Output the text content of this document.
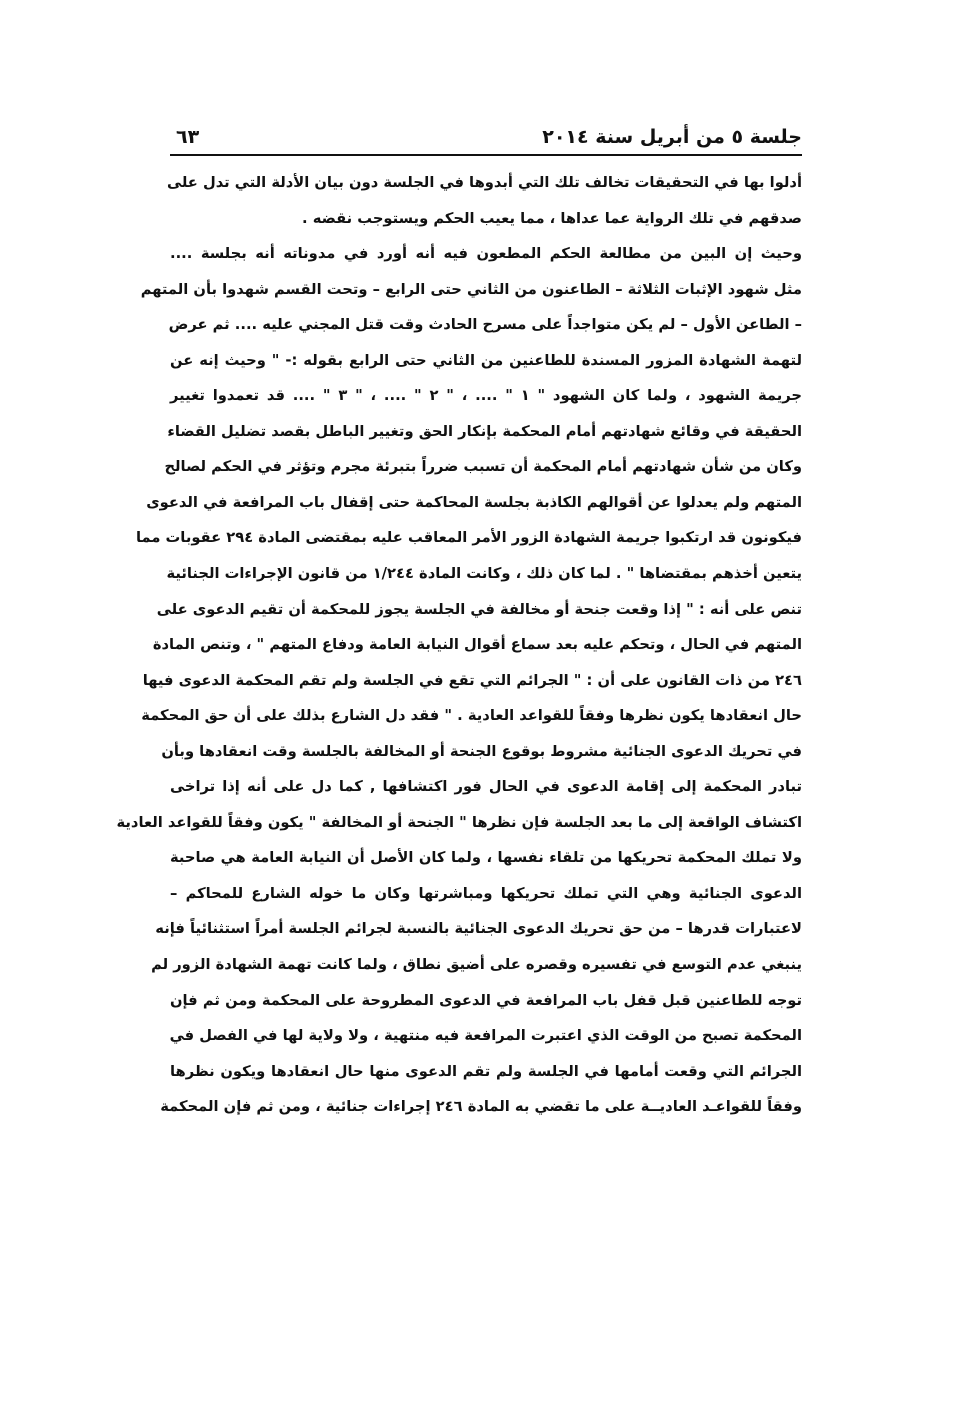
جلسة ٥ من أبريل سنة ٢٠١٤
٦٣
أدلوا بها في التحقيقات تخالف تلك التي أبدوها في الجلسة دون بيان الأدلة التي تدل على
صدقهم في تلك الرواية عما عداها ، مما يعيب الحكم ويستوجب نقضه .
وحيث إن البين من مطالعة الحكم المطعون فيه أنه أورد في مدوناته أنه بجلسة ....
مثل شهود الإثبات الثلاثة – الطاعنون من الثاني حتى الرابع – وتحت القسم شهدوا بأن المتهم
– الطاعن الأول – لم يكن متواجداً على مسرح الحادث وقت قتل المجني عليه .... ثم عرض
لتهمة الشهادة المزور المسندة للطاعنين من الثاني حتى الرابع بقوله :- " وحيث إنه عن
جريمة الشهود ، ولما كان الشهود " ١ " .... ، " ٢ " .... ، " ٣ " .... قد تعمدوا تغيير
الحقيقة في وقائع شهادتهم أمام المحكمة بإنكار الحق وتغيير الباطل بقصد تضليل القضاء
وكان من شأن شهادتهم أمام المحكمة أن تسبب ضرراً بتبرئة مجرم وتؤثر في الحكم لصالح
المتهم ولم يعدلوا عن أقوالهم الكاذبة بجلسة المحاكمة حتى إقفال باب المرافعة في الدعوى
فيكونون قد ارتكبوا جريمة الشهادة الزور الأمر المعاقب عليه بمقتضى المادة ٢٩٤ عقوبات مما
يتعين أخذهم بمقتضاها " . لما كان ذلك ، وكانت المادة ١/٢٤٤ من قانون الإجراءات الجنائية
تنص على أنه : " إذا وقعت جنحة أو مخالفة في الجلسة يجوز للمحكمة أن تقيم الدعوى على
المتهم في الحال ، وتحكم عليه بعد سماع أقوال النيابة العامة ودفاع المتهم " ، وتنص المادة
٢٤٦ من ذات القانون على أن : " الجرائم التي تقع في الجلسة ولم تقم المحكمة الدعوى فيها
حال انعقادها يكون نظرها وفقاً للقواعد العادية . " فقد دل الشارع بذلك على أن حق المحكمة
في تحريك الدعوى الجنائية مشروط بوقوع الجنحة أو المخالفة بالجلسة وقت انعقادها وبأن
تبادر المحكمة إلى إقامة الدعوى في الحال فور اكتشافها , كما دل على أنه إذا تراخى
اكتشاف الواقعة إلى ما بعد الجلسة فإن نظرها " الجنحة أو المخالفة " يكون وفقاً للقواعد العادية
ولا تملك المحكمة تحريكها من تلقاء نفسها ، ولما كان الأصل أن النيابة العامة هي صاحبة
الدعوى الجنائية وهي التي تملك تحريكها ومباشرتها وكان ما خوله الشارع للمحاكم –
لاعتبارات قدرها – من حق تحريك الدعوى الجنائية بالنسبة لجرائم الجلسة أمراً استثنائياً فإنه
ينبغي عدم التوسع في تفسيره وقصره على أضيق نطاق ، ولما كانت تهمة الشهادة الزور لم
توجه للطاعنين قبل قفل باب المرافعة في الدعوى المطروحة على المحكمة ومن ثم فإن
المحكمة تصبح من الوقت الذي اعتبرت المرافعة فيه منتهية ، ولا ولاية لها في الفصل في
الجرائم التي وقعت أمامها في الجلسة ولم تقم الدعوى منها حال انعقادها ويكون نظرها
وفقاً للقواعـد العاديــة على ما تقضي به المادة ٢٤٦ إجراءات جنائية ، ومن ثم فإن المحكمة
